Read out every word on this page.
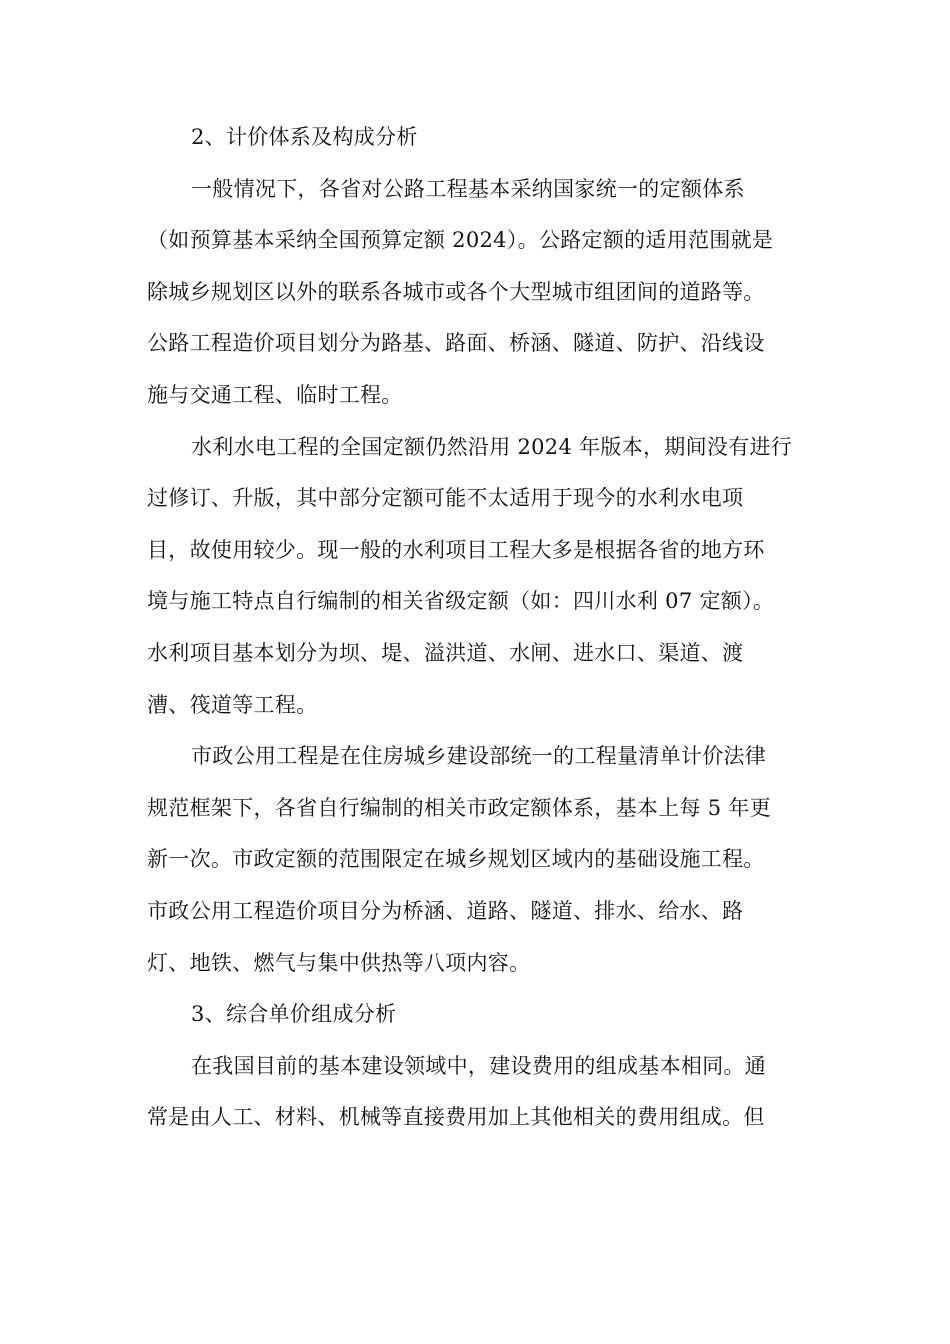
2、计价体系及构成分析
一般情况下，各省对公路工程基本采纳国家统一的定额体系
（如预算基本采纳全国预算定额 2024）。公路定额的适用范围就是
除城乡规划区以外的联系各城市或各个大型城市组团间的道路等。
公路工程造价项目划分为路基、路面、桥涵、隧道、防护、沿线设
施与交通工程、临时工程。
水利水电工程的全国定额仍然沿用 2024 年版本，期间没有进行
过修订、升版，其中部分定额可能不太适用于现今的水利水电项
目，故使用较少。现一般的水利项目工程大多是根据各省的地方环
境与施工特点自行编制的相关省级定额（如：四川水利 07 定额）。
水利项目基本划分为坝、堤、溢洪道、水闸、进水口、渠道、渡
漕、筏道等工程。
市政公用工程是在住房城乡建设部统一的工程量清单计价法律
规范框架下，各省自行编制的相关市政定额体系，基本上每 5 年更
新一次。市政定额的范围限定在城乡规划区域内的基础设施工程。
市政公用工程造价项目分为桥涵、道路、隧道、排水、给水、路
灯、地铁、燃气与集中供热等八项内容。
3、综合单价组成分析
在我国目前的基本建设领域中，建设费用的组成基本相同。通
常是由人工、材料、机械等直接费用加上其他相关的费用组成。但
